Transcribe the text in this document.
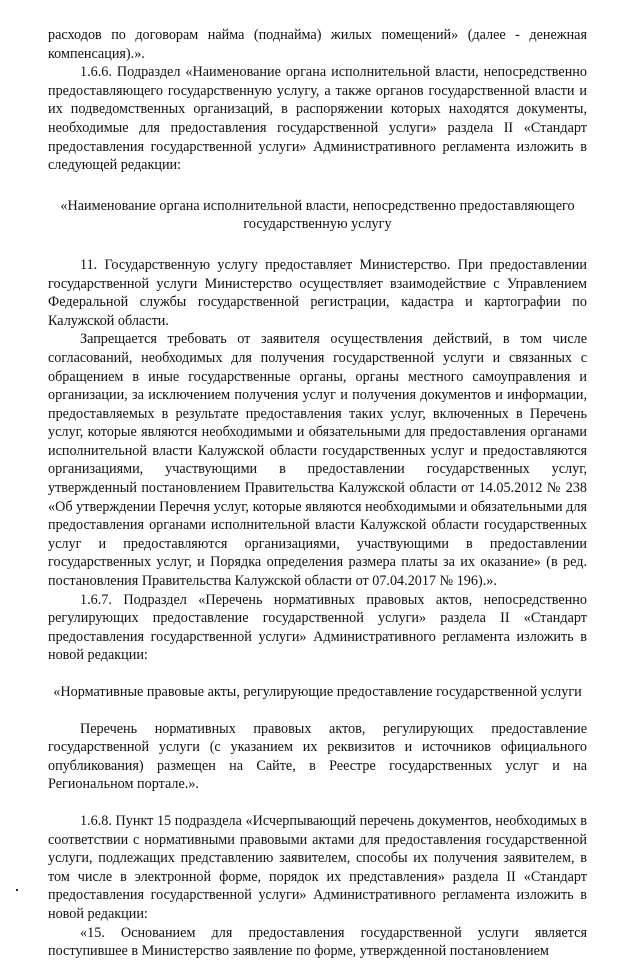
расходов по договорам найма (поднайма) жилых помещений» (далее - денежная компенсация).».

1.6.6. Подраздел «Наименование органа исполнительной власти, непосредственно предоставляющего государственную услугу, а также органов государственной власти и их подведомственных организаций, в распоряжении которых находятся документы, необходимые для предоставления государственной услуги» раздела II «Стандарт предоставления государственной услуги» Административного регламента изложить в следующей редакции:

«Наименование органа исполнительной власти, непосредственно предоставляющего государственную услугу

11. Государственную услугу предоставляет Министерство. При предоставлении государственной услуги Министерство осуществляет взаимодействие с Управлением Федеральной службы государственной регистрации, кадастра и картографии по Калужской области.

Запрещается требовать от заявителя осуществления действий, в том числе согласований, необходимых для получения государственной услуги и связанных с обращением в иные государственные органы, органы местного самоуправления и организации, за исключением получения услуг и получения документов и информации, предоставляемых в результате предоставления таких услуг, включенных в Перечень услуг, которые являются необходимыми и обязательными для предоставления органами исполнительной власти Калужской области государственных услуг и предоставляются организациями, участвующими в предоставлении государственных услуг, утвержденный постановлением Правительства Калужской области от 14.05.2012 № 238 «Об утверждении Перечня услуг, которые являются необходимыми и обязательными для предоставления органами исполнительной власти Калужской области государственных услуг и предоставляются организациями, участвующими в предоставлении государственных услуг, и Порядка определения размера платы за их оказание» (в ред. постановления Правительства Калужской области от 07.04.2017 № 196).».

1.6.7. Подраздел «Перечень нормативных правовых актов, непосредственно регулирующих предоставление государственной услуги» раздела II «Стандарт предоставления государственной услуги» Административного регламента изложить в новой редакции:

«Нормативные правовые акты, регулирующие предоставление государственной услуги

Перечень нормативных правовых актов, регулирующих предоставление государственной услуги (с указанием их реквизитов и источников официального опубликования) размещен на Сайте, в Реестре государственных услуг и на Региональном портале.».

1.6.8. Пункт 15 подраздела «Исчерпывающий перечень документов, необходимых в соответствии с нормативными правовыми актами для предоставления государственной услуги, подлежащих представлению заявителем, способы их получения заявителем, в том числе в электронной форме, порядок их представления» раздела II «Стандарт предоставления государственной услуги» Административного регламента изложить в новой редакции:

«15. Основанием для предоставления государственной услуги является поступившее в Министерство заявление по форме, утвержденной постановлением
